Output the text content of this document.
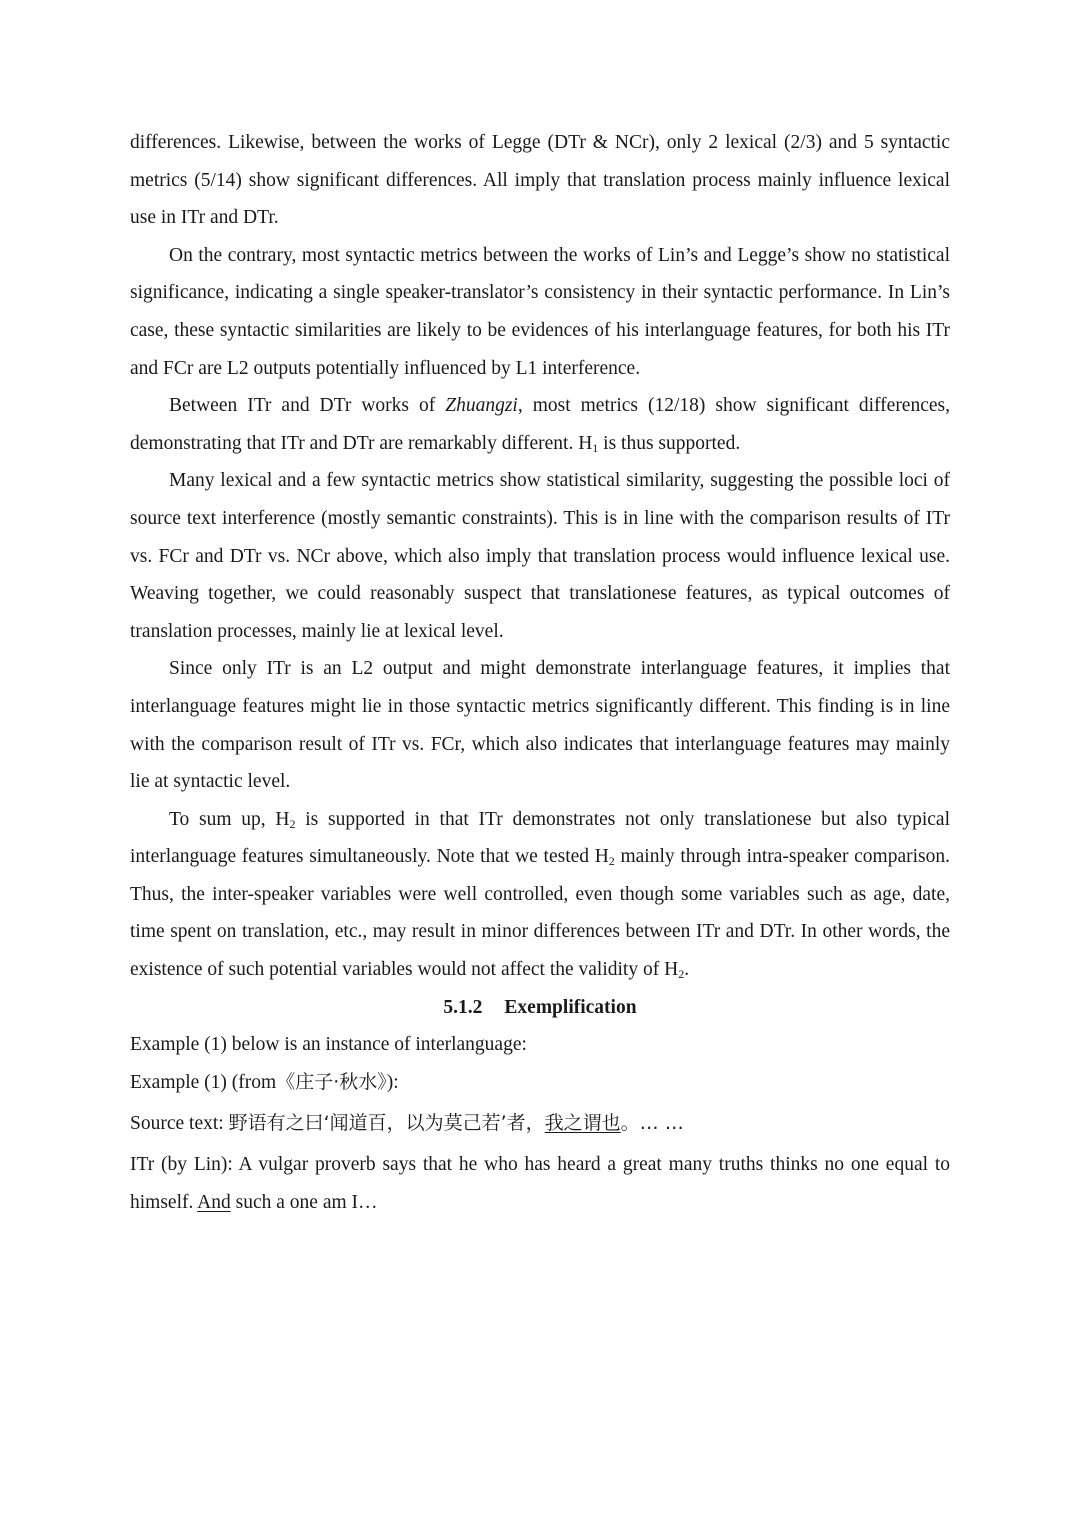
differences. Likewise, between the works of Legge (DTr & NCr), only 2 lexical (2/3) and 5 syntactic metrics (5/14) show significant differences. All imply that translation process mainly influence lexical use in ITr and DTr.

On the contrary, most syntactic metrics between the works of Lin’s and Legge’s show no statistical significance, indicating a single speaker-translator’s consistency in their syntactic performance. In Lin’s case, these syntactic similarities are likely to be evidences of his interlanguage features, for both his ITr and FCr are L2 outputs potentially influenced by L1 interference.

Between ITr and DTr works of Zhuangzi, most metrics (12/18) show significant differences, demonstrating that ITr and DTr are remarkably different. $H_1$ is thus supported.

Many lexical and a few syntactic metrics show statistical similarity, suggesting the possible loci of source text interference (mostly semantic constraints). This is in line with the comparison results of ITr vs. FCr and DTr vs. NCr above, which also imply that translation process would influence lexical use. Weaving together, we could reasonably suspect that translationese features, as typical outcomes of translation processes, mainly lie at lexical level.

Since only ITr is an L2 output and might demonstrate interlanguage features, it implies that interlanguage features might lie in those syntactic metrics significantly different. This finding is in line with the comparison result of ITr vs. FCr, which also indicates that interlanguage features may mainly lie at syntactic level.

To sum up, $H_2$ is supported in that ITr demonstrates not only translationese but also typical interlanguage features simultaneously. Note that we tested $H_2$ mainly through intra-speaker comparison. Thus, the inter-speaker variables were well controlled, even though some variables such as age, date, time spent on translation, etc., may result in minor differences between ITr and DTr. In other words, the existence of such potential variables would not affect the validity of $H_2$.

5.1.2 Exemplification

Example (1) below is an instance of interlanguage:

Example (1) (from《庄子·秋水》):

Source text: 野语有之曰‘闻道百，以为莫己若’者，我之谓也。… …

ITr (by Lin): A vulgar proverb says that he who has heard a great many truths thinks no one equal to himself. And such a one am I…
